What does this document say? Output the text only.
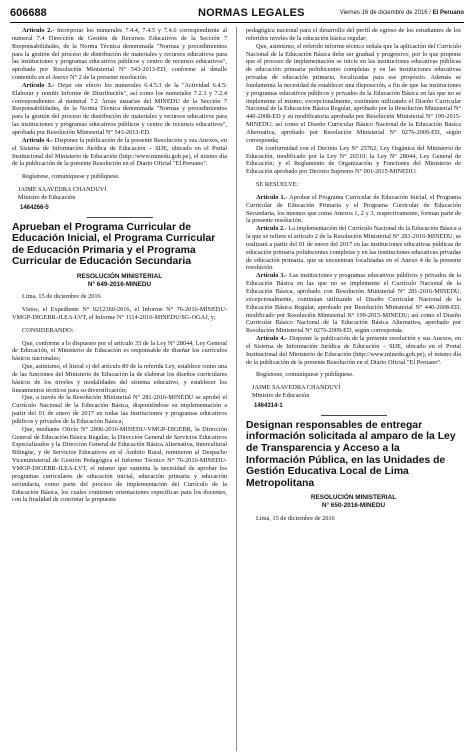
606688	NORMAS LEGALES	Viernes 16 de diciembre de 2016 / El Peruano

Artículo 2.- Incorporar los numerales 7.4.4, 7.4.5 y 7.4.6 correspondiente al numeral 7.4 Dirección de Gestión de Recursos Educativos de la Sección 7 Responsabilidades, de la Norma Técnica denominada "Normas y procedimientos para la gestión del proceso de distribución de materiales y recursos educativos para las instituciones y programas educativos públicos y centro de recursos educativos", aprobada por Resolución Ministerial N° 543-2013-ED, conforme al detalle contenido en el Anexo N° 2 de la presente resolución.

Artículo 3.- Dejar sin efecto los numerales 6.4.5.3 de la "Actividad 6.4.5: Elaborar y remitir Informe de Distribución", así como los numerales 7.2.3 y 7.2.4 correspondientes al numeral 7.2 Áreas usuarias del MINEDU de la Sección 7 Responsabilidades, de la Norma Técnica denominada "Normas y procedimientos para la gestión del proceso de distribución de materiales y recursos educativos para las instituciones y programas educativos públicos y centro de recursos educativos", aprobada por Resolución Ministerial N° 543-2013-ED.

Artículo 4.- Disponer la publicación de la presente Resolución y sus Anexos, en el Sistema de Información Jurídica de Educación – SIJE, ubicado en el Portal Institucional del Ministerio de Educación (http://www.minedu.gob.pe), el mismo día de la publicación de la presente Resolución en el Diario Oficial "El Peruano".

Regístrese, comuníquese y publíquese.

JAIME SAAVEDRA CHANDUVÍ

Ministro de Educación

1464266-5

Aprueban el Programa Curricular de Educación Inicial, el Programa Curricular de Educación Primaria y el Programa Curricular de Educación Secundaria

RESOLUCIÓN MINISTERIAL

N° 649-2016-MINEDU

Lima, 15 de diciembre de 2016

Vistos, el Expediente N° 0212360-2016, el Informe N° 76-2016-MINEDU-VMGP-DIGEBR-JLEA-LVT, el Informe N° 1114-2016-MINEDU/SG-OGAJ, y;

CONSIDERANDO:

Que, conforme a lo dispuesto por el artículo 33 de la Ley N° 28044, Ley General de Educación, el Ministerio de Educación es responsable de diseñar los currículos básicos nacionales;

Que, asimismo, el literal c) del artículo 80 de la referida Ley, establece como una de las funciones del Ministerio de Educación la de elaborar los diseños curriculares básicos de los niveles y modalidades del sistema educativo, y establecer los lineamientos técnicos para su diversificación;

Que, a través de la Resolución Ministerial N° 281-2016-MINEDU se aprobó el Currículo Nacional de la Educación Básica, disponiéndose su implementación a partir del 01 de enero de 2017 en todas las instituciones y programas educativos públicos y privados de la Educación Básica;

Que, mediante Oficio N° 2896-2016-MINEDU-VMGP-DIGEBR, la Dirección General de Educación Básica Regular, la Dirección General de Servicios Educativos Especializados y la Dirección General de Educación Básica Alternativa, Intercultural Bilingüe, y de Servicios Educativos en el Ámbito Rural, remitieron al Despacho Viceministerial de Gestión Pedagógica el Informe Técnico N° 76-2016-MINEDU-VMGP-DIGEBR-JLEA-LVT, el mismo que sustenta la necesidad de aprobar los programas curriculares de educación inicial, educación primaria y educación secundaria, como parte del proceso de implementación del Currículo de la Educación Básica, los cuales contienen orientaciones específicas para los docentes, con la finalidad de concretar la propuesta

pedagógica nacional para el desarrollo del perfil de egreso de los estudiantes de los referidos niveles de la educación básica regular;

Que, asimismo, el referido informe técnico señala que la aplicación del Currículo Nacional de la Educación Básica debe ser gradual y progresivo, por lo que propone que el proceso de implementación se inicie en las instituciones educativas públicas de educación primaria polidocentes completas y en las instituciones educativas privadas de educación primaria, focalizadas para ese propósito. Además se fundamenta la necesidad de establecer una disposición, a fin de que las instituciones y programas educativos públicos y privados de la Educación Básica en las que no se implemente el mismo, excepcionalmente, continúen utilizando el Diseño Curricular Nacional de la Educación Básica Regular, aprobado por la Resolución Ministerial N° 440-2008-ED y su modificatoria aprobada por Resolución Ministerial N° 199-2015-MINEDU; así como el Diseño Curricular Básico Nacional de la Educación Básica Alternativa, aprobado por Resolución Ministerial N° 0276-2009-ED, según corresponda;

De conformidad con el Decreto Ley N° 25762, Ley Orgánica del Ministerio de Educación, modificado por la Ley N° 26510; la Ley N° 28044, Ley General de Educación; y el Reglamento de Organización y Funciones del Ministerio de Educación aprobado por Decreto Supremo N° 001-2015-MINEDU;

SE RESUELVE:

Artículo 1.- Aprobar el Programa Curricular de Educación Inicial, el Programa Curricular de Educación Primaria y el Programa Curricular de Educación Secundaria, los mismos que como Anexos 1, 2 y 3, respectivamente, forman parte de la presente resolución.

Artículo 2.- La implementación del Currículo Nacional de la Educación Básica a la que se refiere el artículo 2 de la Resolución Ministerial N° 281-2016-MINEDU, se realizará a partir del 01 de enero del 2017 en las instituciones educativas públicas de educación primaria polidocentes completas y en las instituciones educativas privadas de educación primaria, que se encuentran focalizadas en el Anexo 4 de la presente resolución.

Artículo 3.- Las instituciones y programas educativos públicos y privados de la Educación Básica en las que no se implemente el Currículo Nacional de la Educación Básica, aprobado con Resolución Ministerial N° 281-2016-MINEDU, excepcionalmente, continúan utilizando el Diseño Curricular Nacional de la Educación Básica Regular, aprobado por Resolución Ministerial N° 440-2008-ED, modificado por Resolución Ministerial N° 199-2015-MINEDU; así como el Diseño Curricular Básico Nacional de la Educación Básica Alternativa, aprobado por Resolución Ministerial N° 0276-2009-ED, según corresponda.

Artículo 4.- Disponer la publicación de la presente resolución y sus Anexos, en el Sistema de Información Jurídica de Educación – SIJE, ubicado en el Portal Institucional del Ministerio de Educación (http://www.minedu.gob.pe), el mismo día de la publicación de la presente Resolución en el Diario Oficial "El Peruano".

Regístrese, comuníquese y publíquese.

JAIME SAAVEDRA CHANDUVÍ

Ministro de Educación

1464314-1

Designan responsables de entregar información solicitada al amparo de la Ley de Transparencia y Acceso a la Información Pública, en las Unidades de Gestión Educativa Local de Lima Metropolitana

RESOLUCIÓN MINISTERIAL

N° 650-2016-MINEDU

Lima, 15 de diciembre de 2016
